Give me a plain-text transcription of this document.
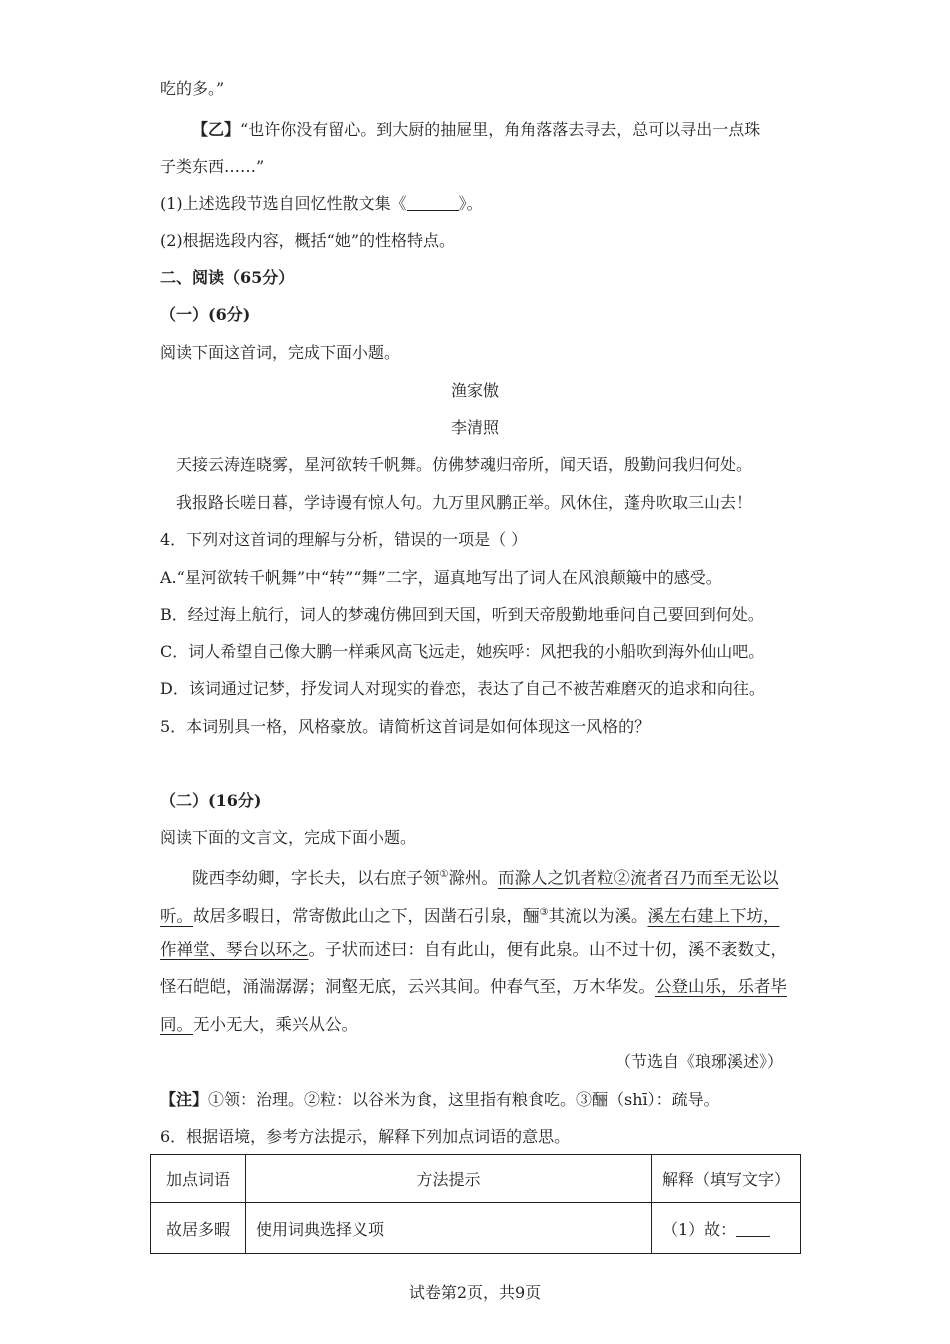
吃的多。”
【乙】“也许你没有留心。到大厨的抽屉里，角角落落去寻去，总可以寻出一点珠
子类东西……”
(1)上述选段节选自回忆性散文集《	》。
(2)根据选段内容，概括“她”的性格特点。
二、阅读（65分）
（一）(6分)
阅读下面这首词，完成下面小题。
渔家傲
李清照
天接云涛连晓雾，星河欲转千帆舞。仿佛梦魂归帝所，闻天语，殷勤问我归何处。
我报路长嗟日暮，学诗谩有惊人句。九万里风鹏正举。风休住，蓬舟吹取三山去！
4．下列对这首词的理解与分析，错误的一项是（ ）
A.“星河欲转千帆舞”中“转”“舞”二字，逼真地写出了词人在风浪颠簸中的感受。
B．经过海上航行，词人的梦魂仿佛回到天国，听到天帝殷勤地垂问自己要回到何处。
C．词人希望自己像大鹏一样乘风高飞远走，她疾呼：风把我的小船吹到海外仙山吧。
D．该词通过记梦，抒发词人对现实的眷恋，表达了自己不被苦难磨灭的追求和向往。
5．本词别具一格，风格豪放。请简析这首词是如何体现这一风格的？
（二）(16分)
阅读下面的文言文，完成下面小题。
陇西李幼卿，字长夫，以右庶子领①滁州。而滁人之饥者粒②流者召乃而至无讼以
听。故居多暇日，常寄傲此山之下，因凿石引泉，酾③其流以为溪。溪左右建上下坊，
作禅堂、琴台以环之。子状而述曰：自有此山，便有此泉。山不过十仞，溪不袤数丈，
怪石皑皑，涌湍潺潺；洞壑无底，云兴其间。仲春气至，万木华发。公登山乐，乐者毕
同。无小无大，乘兴从公。
（节选自《琅琊溪述》）
【注】①领：治理。②粒：以谷米为食，这里指有粮食吃。③酾（shī）：疏导。
6．根据语境，参考方法提示，解释下列加点词语的意思。
加点词语	方法提示	解释（填写文字）
故居多暇	使用词典选择义项	（1）故：
试卷第2页，共9页
